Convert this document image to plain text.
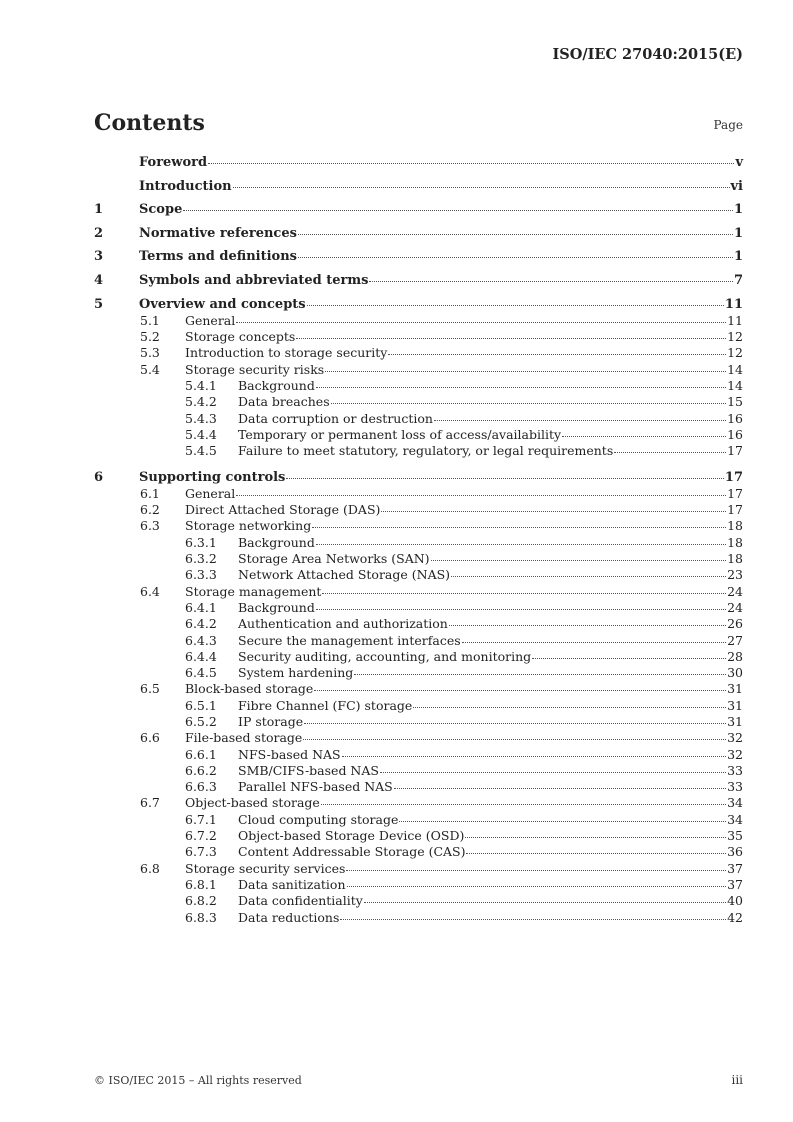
ISO/IEC 27040:2015(E)
Contents	Page
Foreword	v
Introduction	vi
1	Scope	1
2	Normative references	1
3	Terms and definitions	1
4	Symbols and abbreviated terms	7
5	Overview and concepts	11
5.1	General	11
5.2	Storage concepts	12
5.3	Introduction to storage security	12
5.4	Storage security risks	14
5.4.1	Background	14
5.4.2	Data breaches	15
5.4.3	Data corruption or destruction	16
5.4.4	Temporary or permanent loss of access/availability	16
5.4.5	Failure to meet statutory, regulatory, or legal requirements	17
6	Supporting controls	17
6.1	General	17
6.2	Direct Attached Storage (DAS)	17
6.3	Storage networking	18
6.3.1	Background	18
6.3.2	Storage Area Networks (SAN)	18
6.3.3	Network Attached Storage (NAS)	23
6.4	Storage management	24
6.4.1	Background	24
6.4.2	Authentication and authorization	26
6.4.3	Secure the management interfaces	27
6.4.4	Security auditing, accounting, and monitoring	28
6.4.5	System hardening	30
6.5	Block-based storage	31
6.5.1	Fibre Channel (FC) storage	31
6.5.2	IP storage	31
6.6	File-based storage	32
6.6.1	NFS-based NAS	32
6.6.2	SMB/CIFS-based NAS	33
6.6.3	Parallel NFS-based NAS	33
6.7	Object-based storage	34
6.7.1	Cloud computing storage	34
6.7.2	Object-based Storage Device (OSD)	35
6.7.3	Content Addressable Storage (CAS)	36
6.8	Storage security services	37
6.8.1	Data sanitization	37
6.8.2	Data confidentiality	40
6.8.3	Data reductions	42
© ISO/IEC 2015 – All rights reserved	iii
